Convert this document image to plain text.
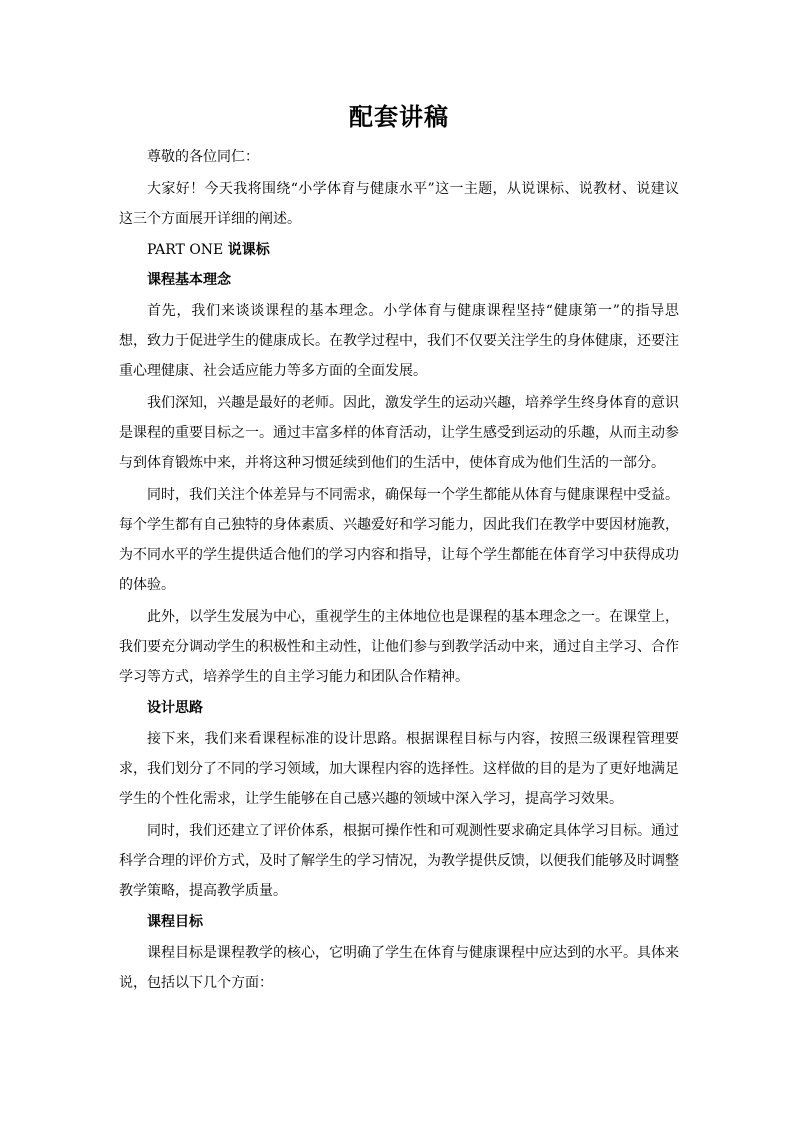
配套讲稿

尊敬的各位同仁：

大家好！今天我将围绕“小学体育与健康水平”这一主题，从说课标、说教材、说建议这三个方面展开详细的阐述。

PART ONE 说课标
课程基本理念

首先，我们来谈谈课程的基本理念。小学体育与健康课程坚持“健康第一”的指导思想，致力于促进学生的健康成长。在教学过程中，我们不仅要关注学生的身体健康，还要注重心理健康、社会适应能力等多方面的全面发展。

我们深知，兴趣是最好的老师。因此，激发学生的运动兴趣，培养学生终身体育的意识是课程的重要目标之一。通过丰富多样的体育活动，让学生感受到运动的乐趣，从而主动参与到体育锻炼中来，并将这种习惯延续到他们的生活中，使体育成为他们生活的一部分。

同时，我们关注个体差异与不同需求，确保每一个学生都能从体育与健康课程中受益。每个学生都有自己独特的身体素质、兴趣爱好和学习能力，因此我们在教学中要因材施教，为不同水平的学生提供适合他们的学习内容和指导，让每个学生都能在体育学习中获得成功的体验。

此外，以学生发展为中心，重视学生的主体地位也是课程的基本理念之一。在课堂上，我们要充分调动学生的积极性和主动性，让他们参与到教学活动中来，通过自主学习、合作学习等方式，培养学生的自主学习能力和团队合作精神。

设计思路

接下来，我们来看课程标准的设计思路。根据课程目标与内容，按照三级课程管理要求，我们划分了不同的学习领域，加大课程内容的选择性。这样做的目的是为了更好地满足学生的个性化需求，让学生能够在自己感兴趣的领域中深入学习，提高学习效果。

同时，我们还建立了评价体系，根据可操作性和可观测性要求确定具体学习目标。通过科学合理的评价方式，及时了解学生的学习情况，为教学提供反馈，以便我们能够及时调整教学策略，提高教学质量。

课程目标

课程目标是课程教学的核心，它明确了学生在体育与健康课程中应达到的水平。具体来说，包括以下几个方面：
